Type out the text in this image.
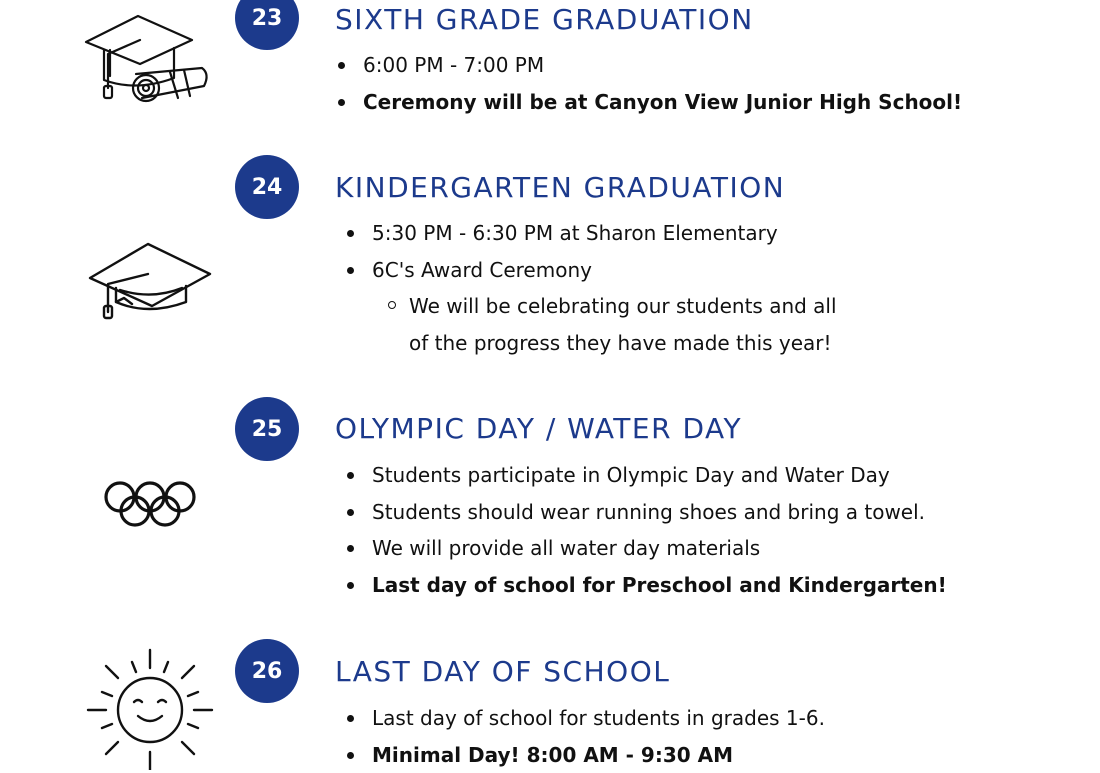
23 SIXTH GRADE GRADUATION
6:00 PM - 7:00 PM
Ceremony will be at Canyon View Junior High School!
24 KINDERGARTEN GRADUATION
5:30 PM - 6:30 PM at Sharon Elementary
6C's Award Ceremony
We will be celebrating our students and all
of the progress they have made this year!
25 OLYMPIC DAY / WATER DAY
Students participate in Olympic Day and Water Day
Students should wear running shoes and bring a towel.
We will provide all water day materials
Last day of school for Preschool and Kindergarten!
26 LAST DAY OF SCHOOL
Last day of school for students in grades 1-6.
Minimal Day! 8:00 AM - 9:30 AM
